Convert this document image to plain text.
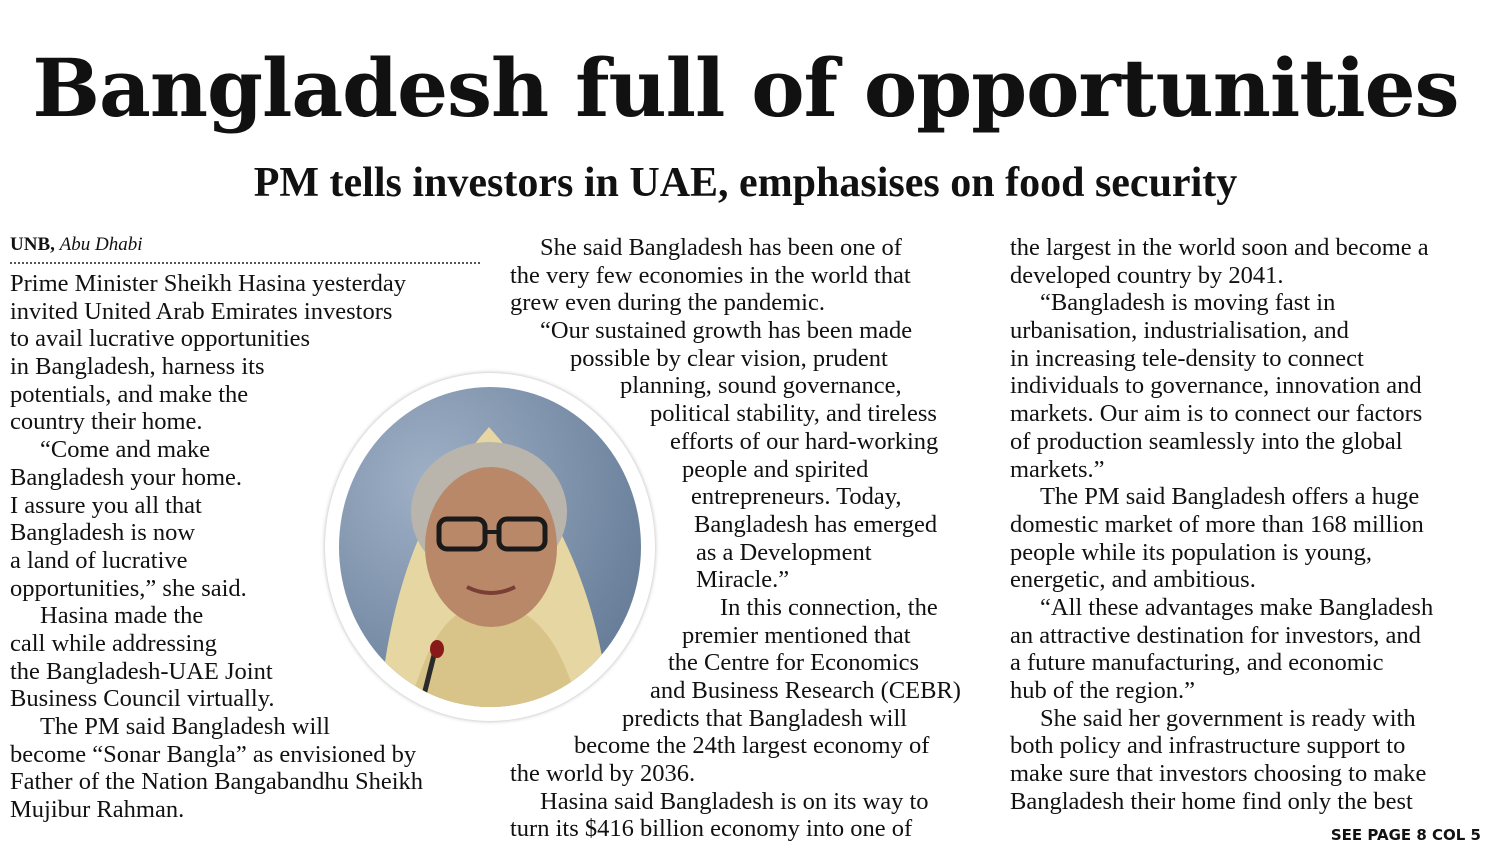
Bangladesh full of opportunities
PM tells investors in UAE, emphasises on food security
UNB, Abu Dhabi
Prime Minister Sheikh Hasina yesterday
invited United Arab Emirates investors
to avail lucrative opportunities
in Bangladesh, harness its
potentials, and make the
country their home.
“Come and make
Bangladesh your home.
I assure you all that
Bangladesh is now
a land of lucrative
opportunities,” she said.
Hasina made the
call while addressing
the Bangladesh-UAE Joint
Business Council virtually.
The PM said Bangladesh will
become “Sonar Bangla” as envisioned by
Father of the Nation Bangabandhu Sheikh
Mujibur Rahman.
She said Bangladesh has been one of
the very few economies in the world that
grew even during the pandemic.
“Our sustained growth has been made
possible by clear vision, prudent
planning, sound governance,
political stability, and tireless
efforts of our hard-working
people and spirited
entrepreneurs. Today,
Bangladesh has emerged
as a Development
Miracle.”
In this connection, the
premier mentioned that
the Centre for Economics
and Business Research (CEBR)
predicts that Bangladesh will
become the 24th largest economy of
the world by 2036.
Hasina said Bangladesh is on its way to
turn its $416 billion economy into one of
the largest in the world soon and become a
developed country by 2041.
“Bangladesh is moving fast in
urbanisation, industrialisation, and
in increasing tele-density to connect
individuals to governance, innovation and
markets. Our aim is to connect our factors
of production seamlessly into the global
markets.”
The PM said Bangladesh offers a huge
domestic market of more than 168 million
people while its population is young,
energetic, and ambitious.
“All these advantages make Bangladesh
an attractive destination for investors, and
a future manufacturing, and economic
hub of the region.”
She said her government is ready with
both policy and infrastructure support to
make sure that investors choosing to make
Bangladesh their home find only the best
SEE PAGE 8 COL 5
